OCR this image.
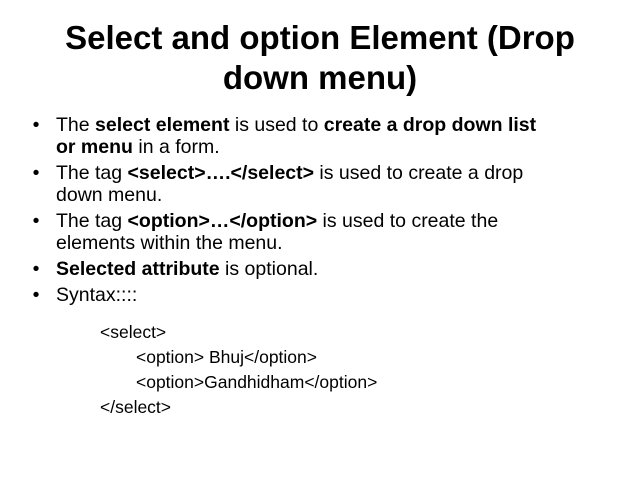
Select and option Element (Drop
down menu)
• The select element is used to create a drop down list
or menu in a form.
• The tag <select>….</select> is used to create a drop
down menu.
• The tag <option>…</option> is used to create the
elements within the menu.
• Selected attribute is optional.
• Syntax::::
<select>
<option> Bhuj</option>
<option>Gandhidham</option>
</select>
